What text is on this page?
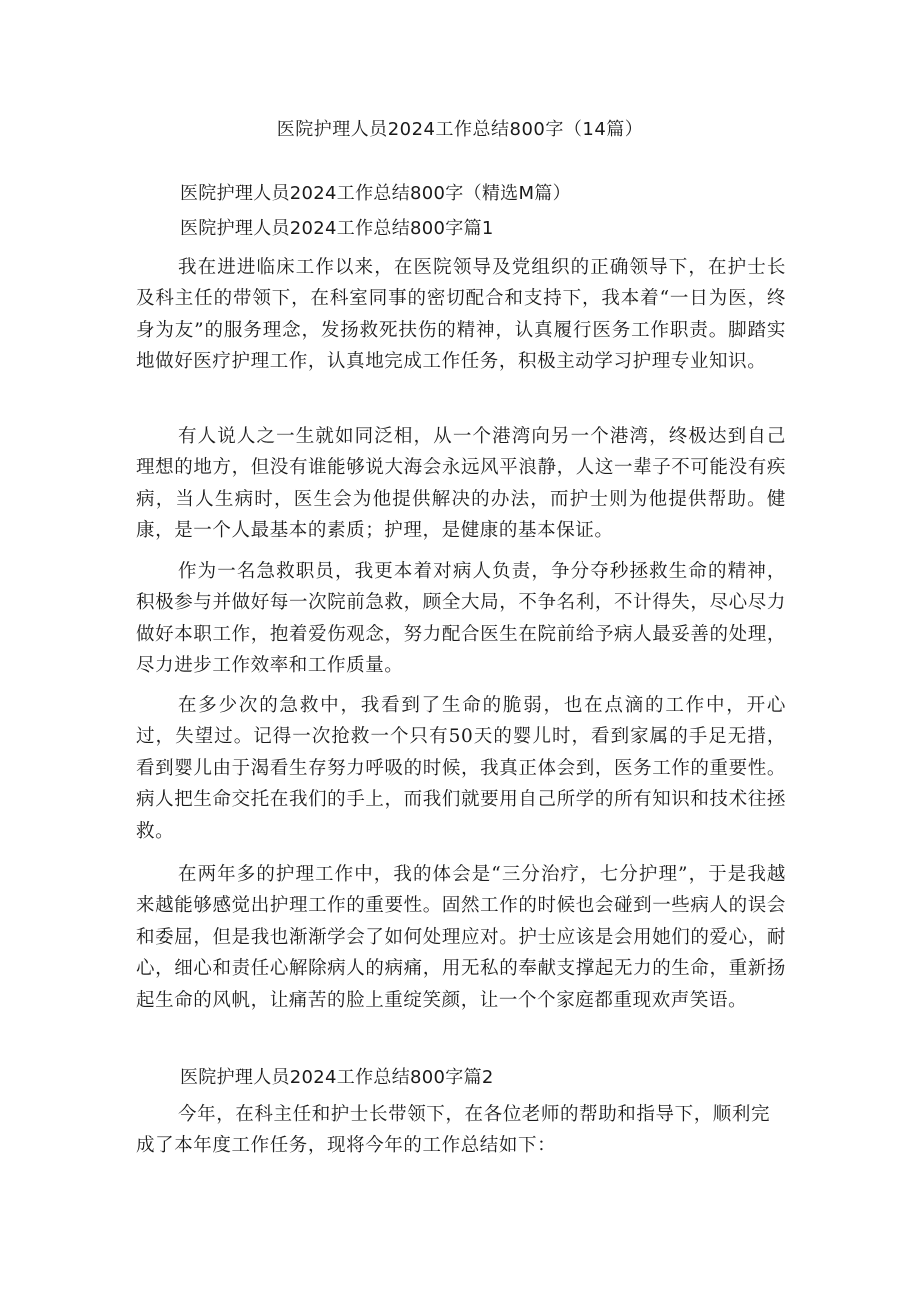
医院护理人员2024工作总结800字（14篇）
医院护理人员2024工作总结800字（精选M篇）
医院护理人员2024工作总结800字篇1

我在进进临床工作以来，在医院领导及党组织的正确领导下，在护士长及科主任的带领下，在科室同事的密切配合和支持下，我本着“一日为医，终身为友”的服务理念，发扬救死扶伤的精神，认真履行医务工作职责。脚踏实地做好医疗护理工作，认真地完成工作任务，积极主动学习护理专业知识。

有人说人之一生就如同泛相，从一个港湾向另一个港湾，终极达到自己理想的地方，但没有谁能够说大海会永远风平浪静，人这一辈子不可能没有疾病，当人生病时，医生会为他提供解决的办法，而护士则为他提供帮助。健康，是一个人最基本的素质；护理，是健康的基本保证。

作为一名急救职员，我更本着对病人负责，争分夺秒拯救生命的精神，积极参与并做好每一次院前急救，顾全大局，不争名利，不计得失，尽心尽力做好本职工作，抱着爱伤观念，努力配合医生在院前给予病人最妥善的处理，尽力进步工作效率和工作质量。

在多少次的急救中，我看到了生命的脆弱，也在点滴的工作中，开心过，失望过。记得一次抢救一个只有50天的婴儿时，看到家属的手足无措，看到婴儿由于渴看生存努力呼吸的时候，我真正体会到，医务工作的重要性。病人把生命交托在我们的手上，而我们就要用自己所学的所有知识和技术往拯救。

在两年多的护理工作中，我的体会是“三分治疗，七分护理”，于是我越来越能够感觉出护理工作的重要性。固然工作的时候也会碰到一些病人的误会和委屈，但是我也渐渐学会了如何处理应对。护士应该是会用她们的爱心，耐心，细心和责任心解除病人的病痛，用无私的奉献支撑起无力的生命，重新扬起生命的风帆，让痛苦的脸上重绽笑颜，让一个个家庭都重现欢声笑语。

医院护理人员2024工作总结800字篇2

今年，在科主任和护士长带领下，在各位老师的帮助和指导下，顺利完成了本年度工作任务，现将今年的工作总结如下：
